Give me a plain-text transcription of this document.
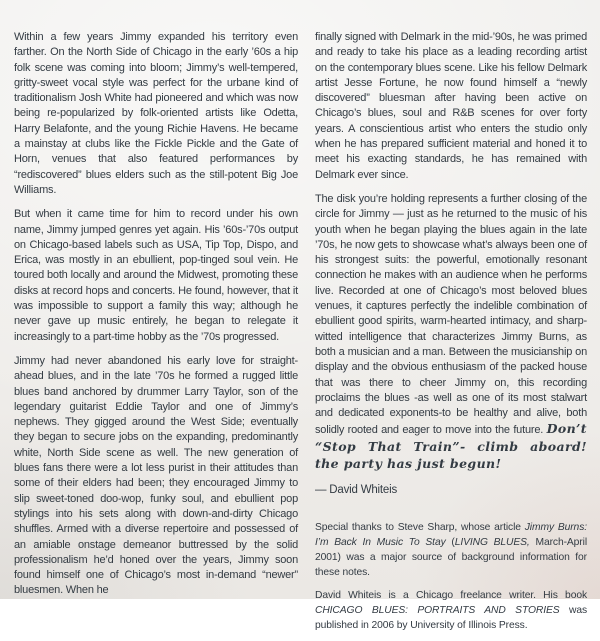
Within a few years Jimmy expanded his territory even farther. On the North Side of Chicago in the early ’60s a hip folk scene was coming into bloom; Jimmy’s well-tempered, gritty-sweet vocal style was perfect for the urbane kind of traditionalism Josh White had pioneered and which was now being re-popularized by folk-oriented artists like Odetta, Harry Belafonte, and the young Richie Havens. He became a mainstay at clubs like the Fickle Pickle and the Gate of Horn, venues that also featured performances by “rediscovered” blues elders such as the still-potent Big Joe Williams.

But when it came time for him to record under his own name, Jimmy jumped genres yet again. His ’60s-’70s output on Chicago-based labels such as USA, Tip Top, Dispo, and Erica, was mostly in an ebullient, pop-tinged soul vein. He toured both locally and around the Midwest, promoting these disks at record hops and concerts. He found, however, that it was impossible to support a family this way; although he never gave up music entirely, he began to relegate it increasingly to a part-time hobby as the ’70s progressed.

Jimmy had never abandoned his early love for straight-ahead blues, and in the late ’70s he formed a rugged little blues band anchored by drummer Larry Taylor, son of the legendary guitarist Eddie Taylor and one of Jimmy’s nephews. They gigged around the West Side; eventually they began to secure jobs on the expanding, predominantly white, North Side scene as well. The new generation of blues fans there were a lot less purist in their attitudes than some of their elders had been; they encouraged Jimmy to slip sweet-toned doo-wop, funky soul, and ebullient pop stylings into his sets along with down-and-dirty Chicago shuffles. Armed with a diverse repertoire and possessed of an amiable onstage demeanor buttressed by the solid professionalism he’d honed over the years, Jimmy soon found himself one of Chicago’s most in-demand “newer” bluesmen. When he

finally signed with Delmark in the mid-’90s, he was primed and ready to take his place as a leading recording artist on the contemporary blues scene. Like his fellow Delmark artist Jesse Fortune, he now found himself a “newly discovered” bluesman after having been active on Chicago’s blues, soul and R&B scenes for over forty years. A conscientious artist who enters the studio only when he has prepared sufficient material and honed it to meet his exacting standards, he has remained with Delmark ever since.

The disk you’re holding represents a further closing of the circle for Jimmy — just as he returned to the music of his youth when he began playing the blues again in the late ’70s, he now gets to showcase what’s always been one of his strongest suits: the powerful, emotionally resonant connection he makes with an audience when he performs live. Recorded at one of Chicago’s most beloved blues venues, it captures perfectly the indelible combination of ebullient good spirits, warm-hearted intimacy, and sharp-witted intelligence that characterizes Jimmy Burns, as both a musician and a man. Between the musicianship on display and the obvious enthusiasm of the packed house that was there to cheer Jimmy on, this recording proclaims the blues -as well as one of its most stalwart and dedicated exponents-to be healthy and alive, both solidly rooted and eager to move into the future. Don’t “Stop That Train”- climb aboard! the party has just begun!

— David Whiteis

Special thanks to Steve Sharp, whose article Jimmy Burns: I’m Back In Music To Stay (LIVING BLUES, March-April 2001) was a major source of background information for these notes.

David Whiteis is a Chicago freelance writer. His book CHICAGO BLUES: PORTRAITS AND STORIES was published in 2006 by University of Illinois Press.
